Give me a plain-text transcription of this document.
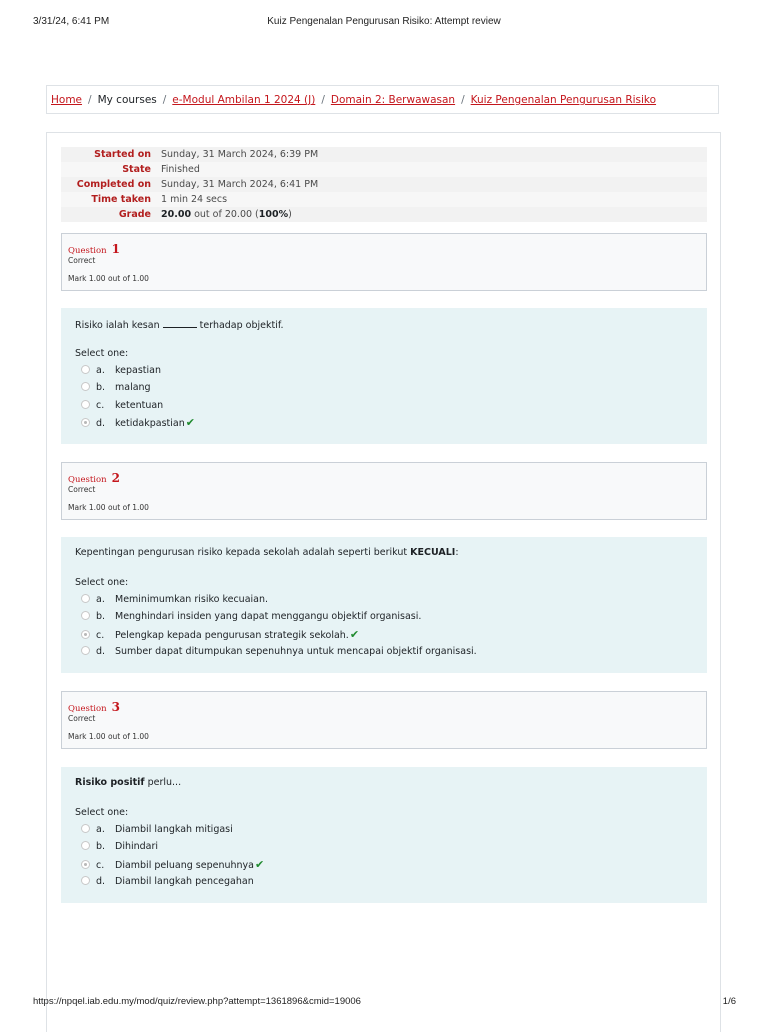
3/31/24, 6:41 PM	Kuiz Pengenalan Pengurusan Risiko: Attempt review
Home / My courses / e-Modul Ambilan 1 2024 (J) / Domain 2: Berwawasan / Kuiz Pengenalan Pengurusan Risiko
Started on	Sunday, 31 March 2024, 6:39 PM
State	Finished
Completed on	Sunday, 31 March 2024, 6:41 PM
Time taken	1 min 24 secs
Grade	20.00 out of 20.00 (100%)
Question 1
Correct
Mark 1.00 out of 1.00
Risiko ialah kesan	terhadap objektif.
Select one:
a. kepastian
b. malang
c. ketentuan
d. ketidakpastian✔
Question 2
Correct
Mark 1.00 out of 1.00
Kepentingan pengurusan risiko kepada sekolah adalah seperti berikut KECUALI:
Select one:
a. Meminimumkan risiko kecuaian.
b. Menghindari insiden yang dapat menggangu objektif organisasi.
c. Pelengkap kepada pengurusan strategik sekolah.✔
d. Sumber dapat ditumpukan sepenuhnya untuk mencapai objektif organisasi.
Question 3
Correct
Mark 1.00 out of 1.00
Risiko positif perlu...
Select one:
a. Diambil langkah mitigasi
b. Dihindari
c. Diambil peluang sepenuhnya✔
d. Diambil langkah pencegahan
https://npqel.iab.edu.my/mod/quiz/review.php?attempt=1361896&cmid=19006	1/6
